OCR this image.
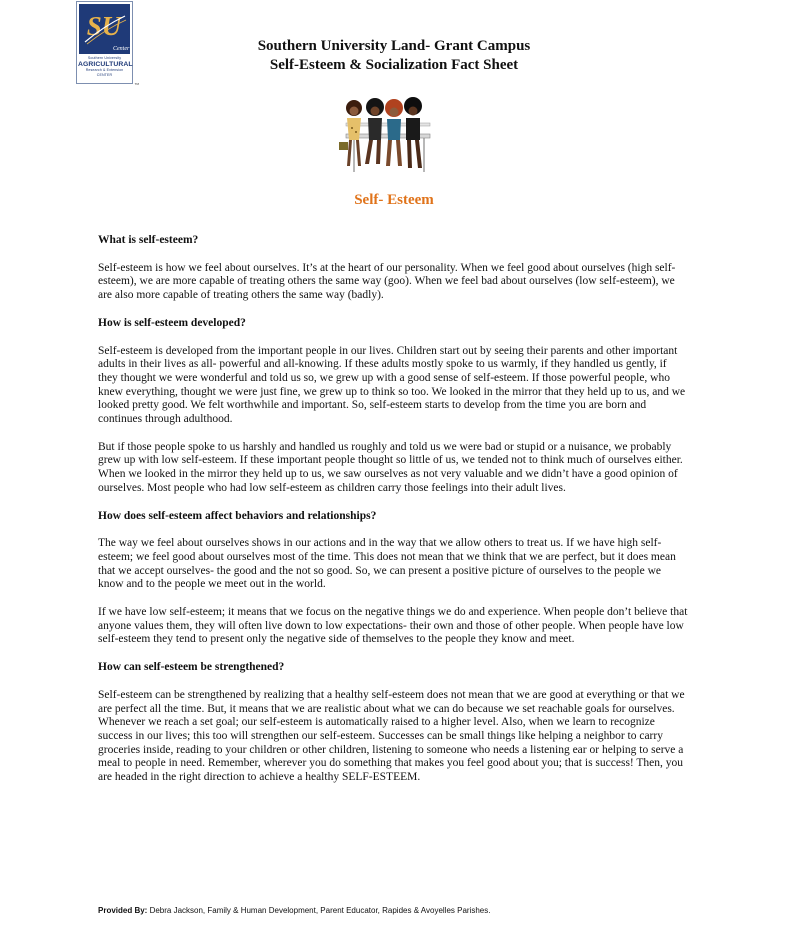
SU
Center
Southern University

AGRICULTURAL
Research & Extension
CENTER
TM
Southern University Land- Grant Campus
Self-Esteem & Socialization Fact Sheet
Self- Esteem
What is self-esteem?

Self-esteem is how we feel about ourselves. It’s at the heart of our personality. When we feel good about ourselves (high self-esteem), we are more capable of treating others the same way (goo). When we feel bad about ourselves (low self-esteem), we are also more capable of treating others the same way (badly).

How is self-esteem developed?

Self-esteem is developed from the important people in our lives. Children start out by seeing their parents and other important adults in their lives as all- powerful and all-knowing. If these adults mostly spoke to us warmly, if they handled us gently, if they thought we were wonderful and told us so, we grew up with a good sense of self-esteem. If those powerful people, who knew everything, thought we were just fine, we grew up to think so too. We looked in the mirror that they held up to us, and we looked pretty good. We felt worthwhile and important. So, self-esteem starts to develop from the time you are born and continues through adulthood.

But if those people spoke to us harshly and handled us roughly and told us we were bad or stupid or a nuisance, we probably grew up with low self-esteem. If these important people thought so little of us, we tended not to think much of ourselves either. When we looked in the mirror they held up to us, we saw ourselves as not very valuable and we didn’t have a good opinion of ourselves. Most people who had low self-esteem as children carry those feelings into their adult lives.

How does self-esteem affect behaviors and relationships?

The way we feel about ourselves shows in our actions and in the way that we allow others to treat us. If we have high self-esteem; we feel good about ourselves most of the time. This does not mean that we think that we are perfect, but it does mean that we accept ourselves- the good and the not so good. So, we can present a positive picture of ourselves to the people we know and to the people we meet out in the world.

If we have low self-esteem; it means that we focus on the negative things we do and experience. When people don’t believe that anyone values them, they will often live down to low expectations- their own and those of other people. When people have low self-esteem they tend to present only the negative side of themselves to the people they know and meet.

How can self-esteem be strengthened?

Self-esteem can be strengthened by realizing that a healthy self-esteem does not mean that we are good at everything or that we are perfect all the time. But, it means that we are realistic about what we can do because we set reachable goals for ourselves. Whenever we reach a set goal; our self-esteem is automatically raised to a higher level. Also, when we learn to recognize success in our lives; this too will strengthen our self-esteem. Successes can be small things like helping a neighbor to carry groceries inside, reading to your children or other children, listening to someone who needs a listening ear or helping to serve a meal to people in need. Remember, wherever you do something that makes you feel good about you; that is success! Then, you are headed in the right direction to achieve a healthy SELF-ESTEEM.

Provided By: Debra Jackson, Family & Human Development, Parent Educator, Rapides & Avoyelles Parishes.
